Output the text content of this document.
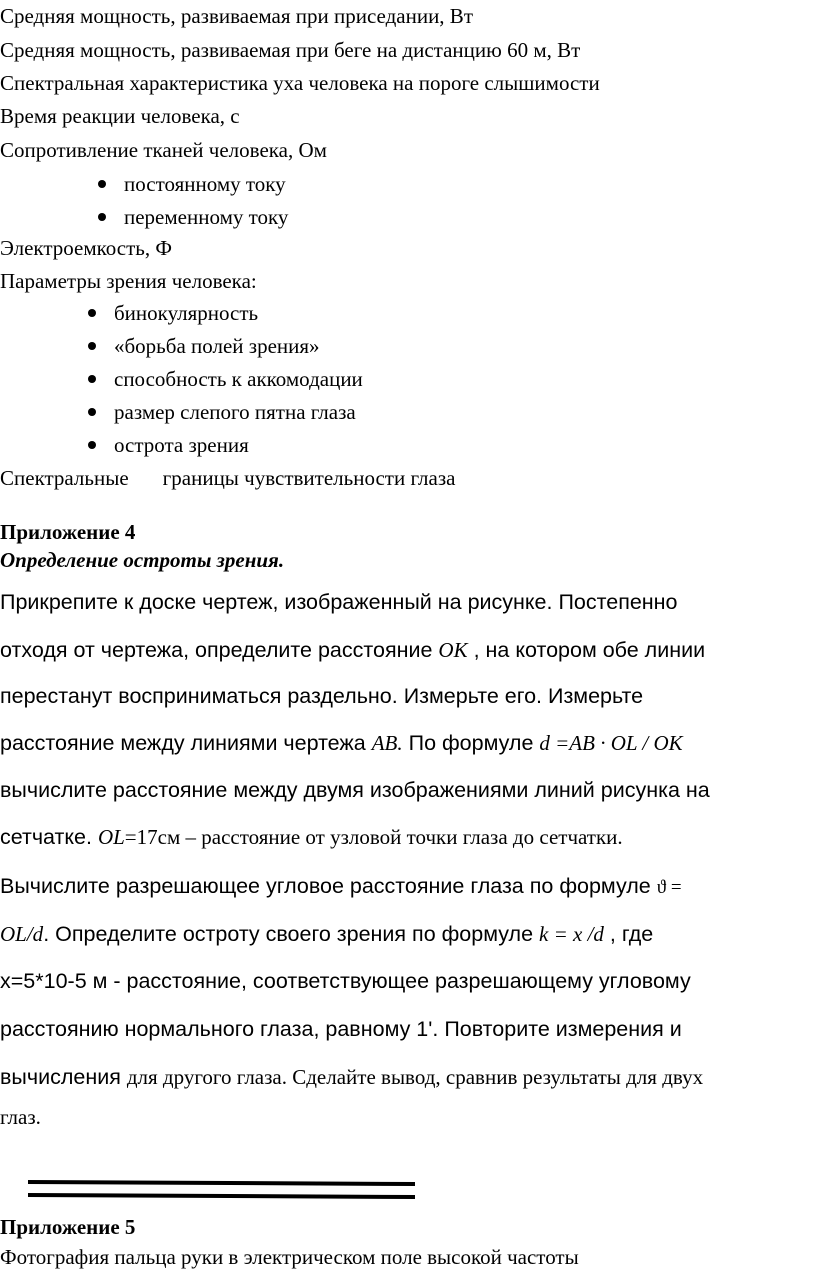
Средняя мощность, развиваемая при приседании, Вт
Средняя мощность, развиваемая при беге на дистанцию 60 м, Вт
Спектральная характеристика уха человека на пороге слышимости
Время реакции человека, с
Сопротивление тканей человека, Ом
постоянному току
переменному току
Электроемкость, Ф
Параметры зрения человека:
бинокулярность
«борьба полей зрения»
способность к аккомодации
размер слепого пятна глаза
острота зрения
Спектральные границы чувствительности глаза
Приложение 4
Определение остроты зрения.
Прикрепите к доске чертеж, изображенный на рисунке. Постепенно
отходя от чертежа, определите расстояние OK , на котором обе линии
перестанут восприниматься раздельно. Измерьте его. Измерьте
расстояние между линиями чертежа AB. По формуле d =AB · OL / OK
вычислите расстояние между двумя изображениями линий рисунка на
сетчатке. OL=17см – расстояние от узловой точки глаза до сетчатки.
Вычислите разрешающее угловое расстояние глаза по формуле ϑ =
OL/d. Определите остроту своего зрения по формуле k = x /d , где
x=5*10-5 м - расстояние, соответствующее разрешающему угловому
расстоянию нормального глаза, равному 1'. Повторите измерения и
вычисления для другого глаза. Сделайте вывод, сравнив результаты для двух
глаз.
Приложение 5
Фотография пальца руки в электрическом поле высокой частоты
